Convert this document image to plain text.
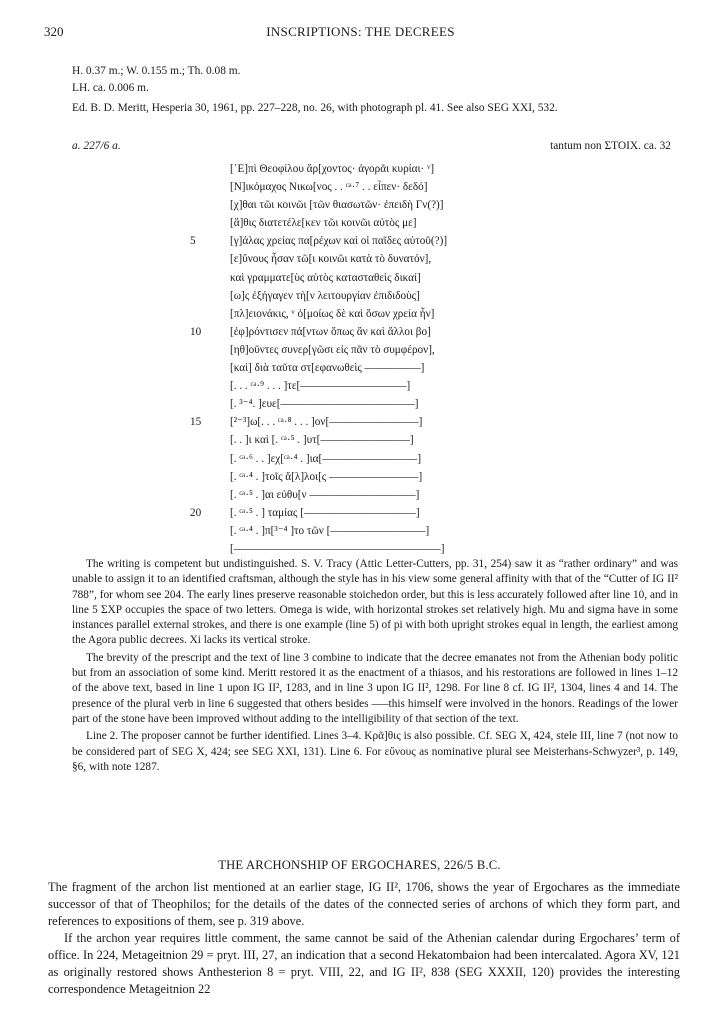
320	INSCRIPTIONS: THE DECREES
H. 0.37 m.; W. 0.155 m.; Th. 0.08 m.
LH. ca. 0.006 m.
Ed. B. D. Meritt, Hesperia 30, 1961, pp. 227–228, no. 26, with photograph pl. 41. See also SEG XXI, 532.
a. 227/6 a.	tantum non ΣΤΟΙΧ. ca. 32
[᾿Ε]πὶ Θεοφίλου ἄρ[χοντος· ἀγορᾶι κυρίαι· ᵛ]
[Ν]ικόμαχος Νικω[νος . . ᶜᵃ·⁷ . . εἶπεν· δεδό]
[χ]θαι τῶι κοινῶι [τῶν θιασωτῶν· ἐπειδὴ Γν(?)]
[ἄ]θις διατετέλε[κεν τῶι κοινῶι αὐτὸς με]
5	[γ]άλας χρείας πα[ρέχων καὶ οἱ παῖδες αὐτοῦ(?)]
[ε]ὔνους ἦσαν τῶ[ι κοινῶι κατὰ τὸ δυνατόν],
καὶ γραμματε[ὺς αὐτὸς κατασταθεὶς δικαί]
[ω]ς ἐξήγαγεν τὴ[ν λειτουργίαν ἐπιδιδοὺς]
[πλ]ειονάκις, ᵛ ὁ[μοίως δὲ καὶ ὅσων χρεία ἦν]
10	[ἐφ]ρόντισεν πά[ντων ὅπως ἂν καὶ ἄλλοι βο]
[ηθ]οῦντες συνερ[γῶσι εἰς πᾶν τὸ συμφέρον],
[καὶ] διὰ ταῦτα στ[εφανωθεὶς ––––––––––]
[. . . ᶜᵃ·⁹ . . . ]τε[–––––––––––––––––––]
[. ³⁻⁴. ]ευε[––––––––––––––––––––––––]
15	[²⁻³]ω[. . . ᶜᵃ·⁸ . . . ]ον[––––––––––––––––]
[. . ]ι καὶ [. ᶜᵃ·⁵ . ]υτ[––––––––––––––––]
[. ᶜᵃ·⁶ . . ]εχ[ᶜᵃ·⁴ . ]ια[–––––––––––––––––]
[. ᶜᵃ·⁴ . ]τοῖς ἄ[λ]λοι[ς ––––––––––––––––]
[. ᶜᵃ·⁵ . ]αι εὐθυ[ν –––––––––––––––––––]
20	[. ᶜᵃ·⁵ . ] ταμίας [––––––––––––––––––––]
[. ᶜᵃ·⁴ . ]π[³⁻⁴ ]το τῶν [–––––––––––––––––]
[–––––––––––––––––––––––––––––––––––––]

The writing is competent but undistinguished. S. V. Tracy (Attic Letter-Cutters, pp. 31, 254) saw it as “rather ordinary” and was unable to assign it to an identified craftsman, although the style has in his view some general affinity with that of the “Cutter of IG II² 788”, for whom see 204. The early lines preserve reasonable stoichedon order, but this is less accurately followed after line 10, and in line 5 ΣΧΡ occupies the space of two letters. Omega is wide, with horizontal strokes set relatively high. Mu and sigma have in some instances parallel external strokes, and there is one example (line 5) of pi with both upright strokes equal in length, the earliest among the Agora public decrees. Xi lacks its vertical stroke.

The brevity of the prescript and the text of line 3 combine to indicate that the decree emanates not from the Athenian body politic but from an association of some kind. Meritt restored it as the enactment of a thiasos, and his restorations are followed in lines 1–12 of the above text, based in line 1 upon IG II², 1283, and in line 3 upon IG II², 1298. For line 8 cf. IG II², 1304, lines 4 and 14. The presence of the plural verb in line 6 suggested that others besides –––this himself were involved in the honors. Readings of the lower part of the stone have been improved without adding to the intelligibility of that section of the text.

Line 2. The proposer cannot be further identified. Lines 3–4. Κρᾶ]θις is also possible. Cf. SEG X, 424, stele III, line 7 (not now to be considered part of SEG X, 424; see SEG XXI, 131). Line 6. For εὔνους as nominative plural see Meisterhans-Schwyzer³, p. 149, §6, with note 1287.

THE ARCHONSHIP OF ERGOCHARES, 226/5 B.C.

The fragment of the archon list mentioned at an earlier stage, IG II², 1706, shows the year of Ergochares as the immediate successor of that of Theophilos; for the details of the dates of the connected series of archons of which they form part, and references to expositions of them, see p. 319 above.

If the archon year requires little comment, the same cannot be said of the Athenian calendar during Ergochares’ term of office. In 224, Metageitnion 29 = pryt. III, 27, an indication that a second Hekatombaion had been intercalated. Agora XV, 121 as originally restored shows Anthesterion 8 = pryt. VIII, 22, and IG II², 838 (SEG XXXII, 120) provides the interesting correspondence Metageitnion 22
